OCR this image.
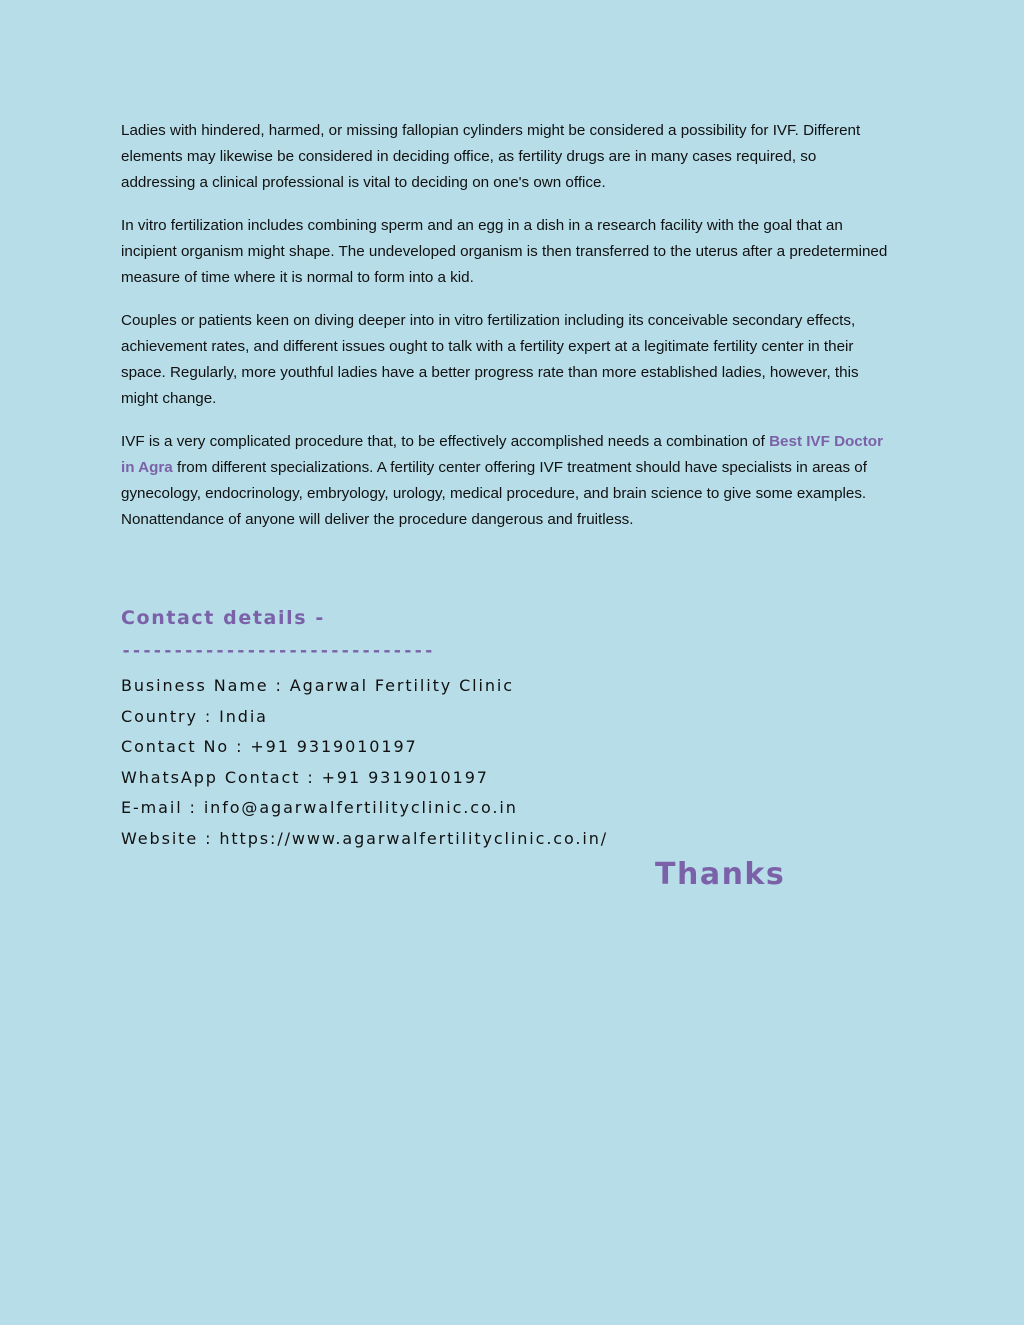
Ladies with hindered, harmed, or missing fallopian cylinders might be considered a possibility for IVF. Different elements may likewise be considered in deciding office, as fertility drugs are in many cases required, so addressing a clinical professional is vital to deciding on one's own office.

In vitro fertilization includes combining sperm and an egg in a dish in a research facility with the goal that an incipient organism might shape. The undeveloped organism is then transferred to the uterus after a predetermined measure of time where it is normal to form into a kid.

Couples or patients keen on diving deeper into in vitro fertilization including its conceivable secondary effects, achievement rates, and different issues ought to talk with a fertility expert at a legitimate fertility center in their space. Regularly, more youthful ladies have a better progress rate than more established ladies, however, this might change.

IVF is a very complicated procedure that, to be effectively accomplished needs a combination of Best IVF Doctor in Agra from different specializations. A fertility center offering IVF treatment should have specialists in areas of gynecology, endocrinology, embryology, urology, medical procedure, and brain science to give some examples. Nonattendance of anyone will deliver the procedure dangerous and fruitless.

Contact details -
------------------------------
Business Name : Agarwal Fertility Clinic
Country : India
Contact No : +91 9319010197
WhatsApp Contact : +91 9319010197
E-mail : info@agarwalfertilityclinic.co.in
Website : https://www.agarwalfertilityclinic.co.in/
Thanks
